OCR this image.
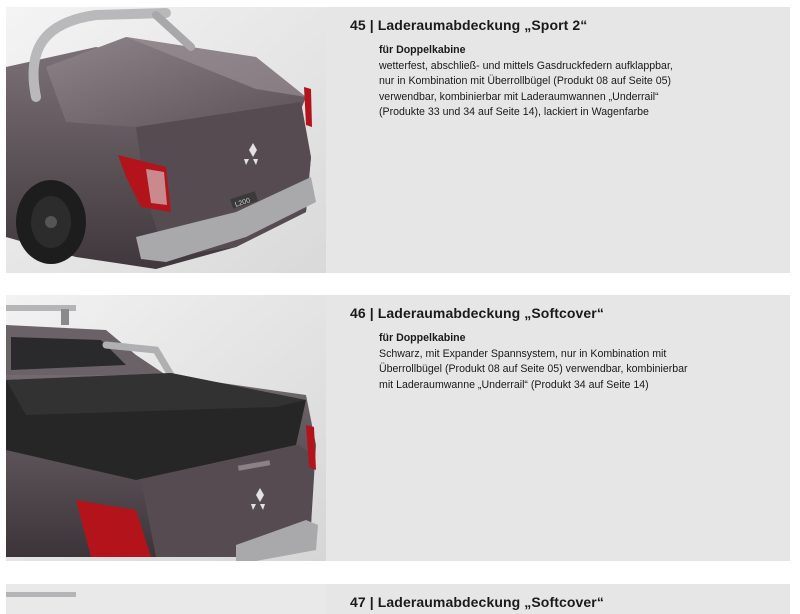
L200
45 | Laderaumabdeckung „Sport 2“
für Doppelkabine

wetterfest, abschließ- und mittels Gasdruckfedern aufklappbar,

nur in Kombination mit Überrollbügel (Produkt 08 auf Seite 05)

verwendbar, kombinierbar mit Laderaumwannen „Underrail“

(Produkte 33 und 34 auf Seite 14), lackiert in Wagenfarbe

46 | Laderaumabdeckung „Softcover“
für Doppelkabine

Schwarz, mit Expander Spannsystem, nur in Kombination mit

Überrollbügel (Produkt 08 auf Seite 05) verwendbar, kombinierbar

mit Laderaumwanne „Underrail“ (Produkt 34 auf Seite 14)

47 | Laderaumabdeckung „Softcover“
